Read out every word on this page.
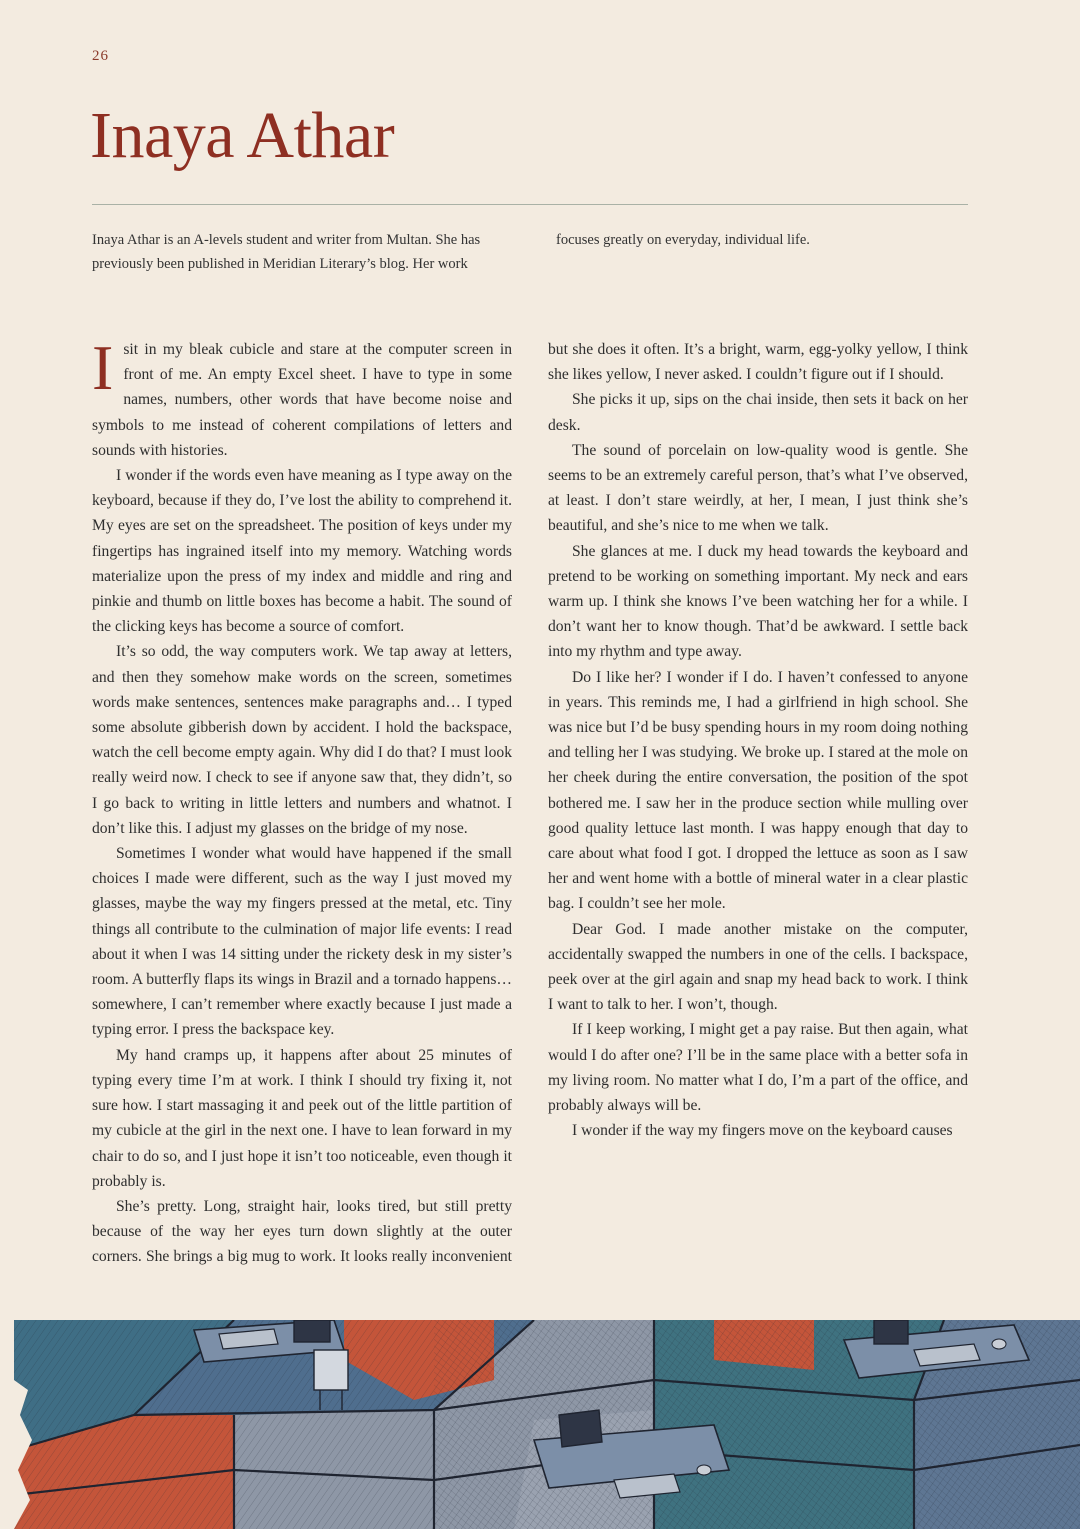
26
Inaya Athar

Inaya Athar is an A-levels student and writer from Multan. She has previously been published in Meridian Literary’s blog. Her work focuses greatly on everyday, individual life.

Isit in my bleak cubicle and stare at the computer screen in front of me. An empty Excel sheet. I have to type in some names, numbers, other words that have become noise and symbols to me instead of coherent compilations of letters and sounds with histories.

I wonder if the words even have meaning as I type away on the keyboard, because if they do, I’ve lost the ability to comprehend it. My eyes are set on the spreadsheet. The position of keys under my fingertips has ingrained itself into my memory. Watching words materialize upon the press of my index and middle and ring and pinkie and thumb on little boxes has become a habit. The sound of the clicking keys has become a source of comfort.

It’s so odd, the way computers work. We tap away at letters, and then they somehow make words on the screen, sometimes words make sentences, sentences make paragraphs and… I typed some absolute gibberish down by accident. I hold the backspace, watch the cell become empty again. Why did I do that? I must look really weird now. I check to see if anyone saw that, they didn’t, so I go back to writing in little letters and numbers and whatnot. I don’t like this. I adjust my glasses on the bridge of my nose.

Sometimes I wonder what would have happened if the small choices I made were different, such as the way I just moved my glasses, maybe the way my fingers pressed at the metal, etc. Tiny things all contribute to the culmination of major life events: I read about it when I was 14 sitting under the rickety desk in my sister’s room. A butterfly flaps its wings in Brazil and a tornado happens… somewhere, I can’t remember where exactly because I just made a typing error. I press the backspace key.

My hand cramps up, it happens after about 25 minutes of typing every time I’m at work. I think I should try fixing it, not sure how. I start massaging it and peek out of the little partition of my cubicle at the girl in the next one. I have to lean forward in my chair to do so, and I just hope it isn’t too noticeable, even though it probably is.

She’s pretty. Long, straight hair, looks tired, but still pretty because of the way her eyes turn down slightly at the outer corners. She brings a big mug to work. It looks really inconvenient but she does it often. It’s a bright, warm, egg-yolky yellow, I think she likes yellow, I never asked. I couldn’t figure out if I should.

She picks it up, sips on the chai inside, then sets it back on her desk.

The sound of porcelain on low-quality wood is gentle. She seems to be an extremely careful person, that’s what I’ve observed, at least. I don’t stare weirdly, at her, I mean, I just think she’s beautiful, and she’s nice to me when we talk.

She glances at me. I duck my head towards the keyboard and pretend to be working on something important. My neck and ears warm up. I think she knows I’ve been watching her for a while. I don’t want her to know though. That’d be awkward. I settle back into my rhythm and type away.

Do I like her? I wonder if I do. I haven’t confessed to anyone in years. This reminds me, I had a girlfriend in high school. She was nice but I’d be busy spending hours in my room doing nothing and telling her I was studying. We broke up. I stared at the mole on her cheek during the entire conversation, the position of the spot bothered me. I saw her in the produce section while mulling over good quality lettuce last month. I was happy enough that day to care about what food I got. I dropped the lettuce as soon as I saw her and went home with a bottle of mineral water in a clear plastic bag. I couldn’t see her mole.

Dear God. I made another mistake on the computer, accidentally swapped the numbers in one of the cells. I backspace, peek over at the girl again and snap my head back to work. I think I want to talk to her. I won’t, though.

If I keep working, I might get a pay raise. But then again, what would I do after one? I’ll be in the same place with a better sofa in my living room. No matter what I do, I’m a part of the office, and probably always will be.

I wonder if the way my fingers move on the keyboard causes
